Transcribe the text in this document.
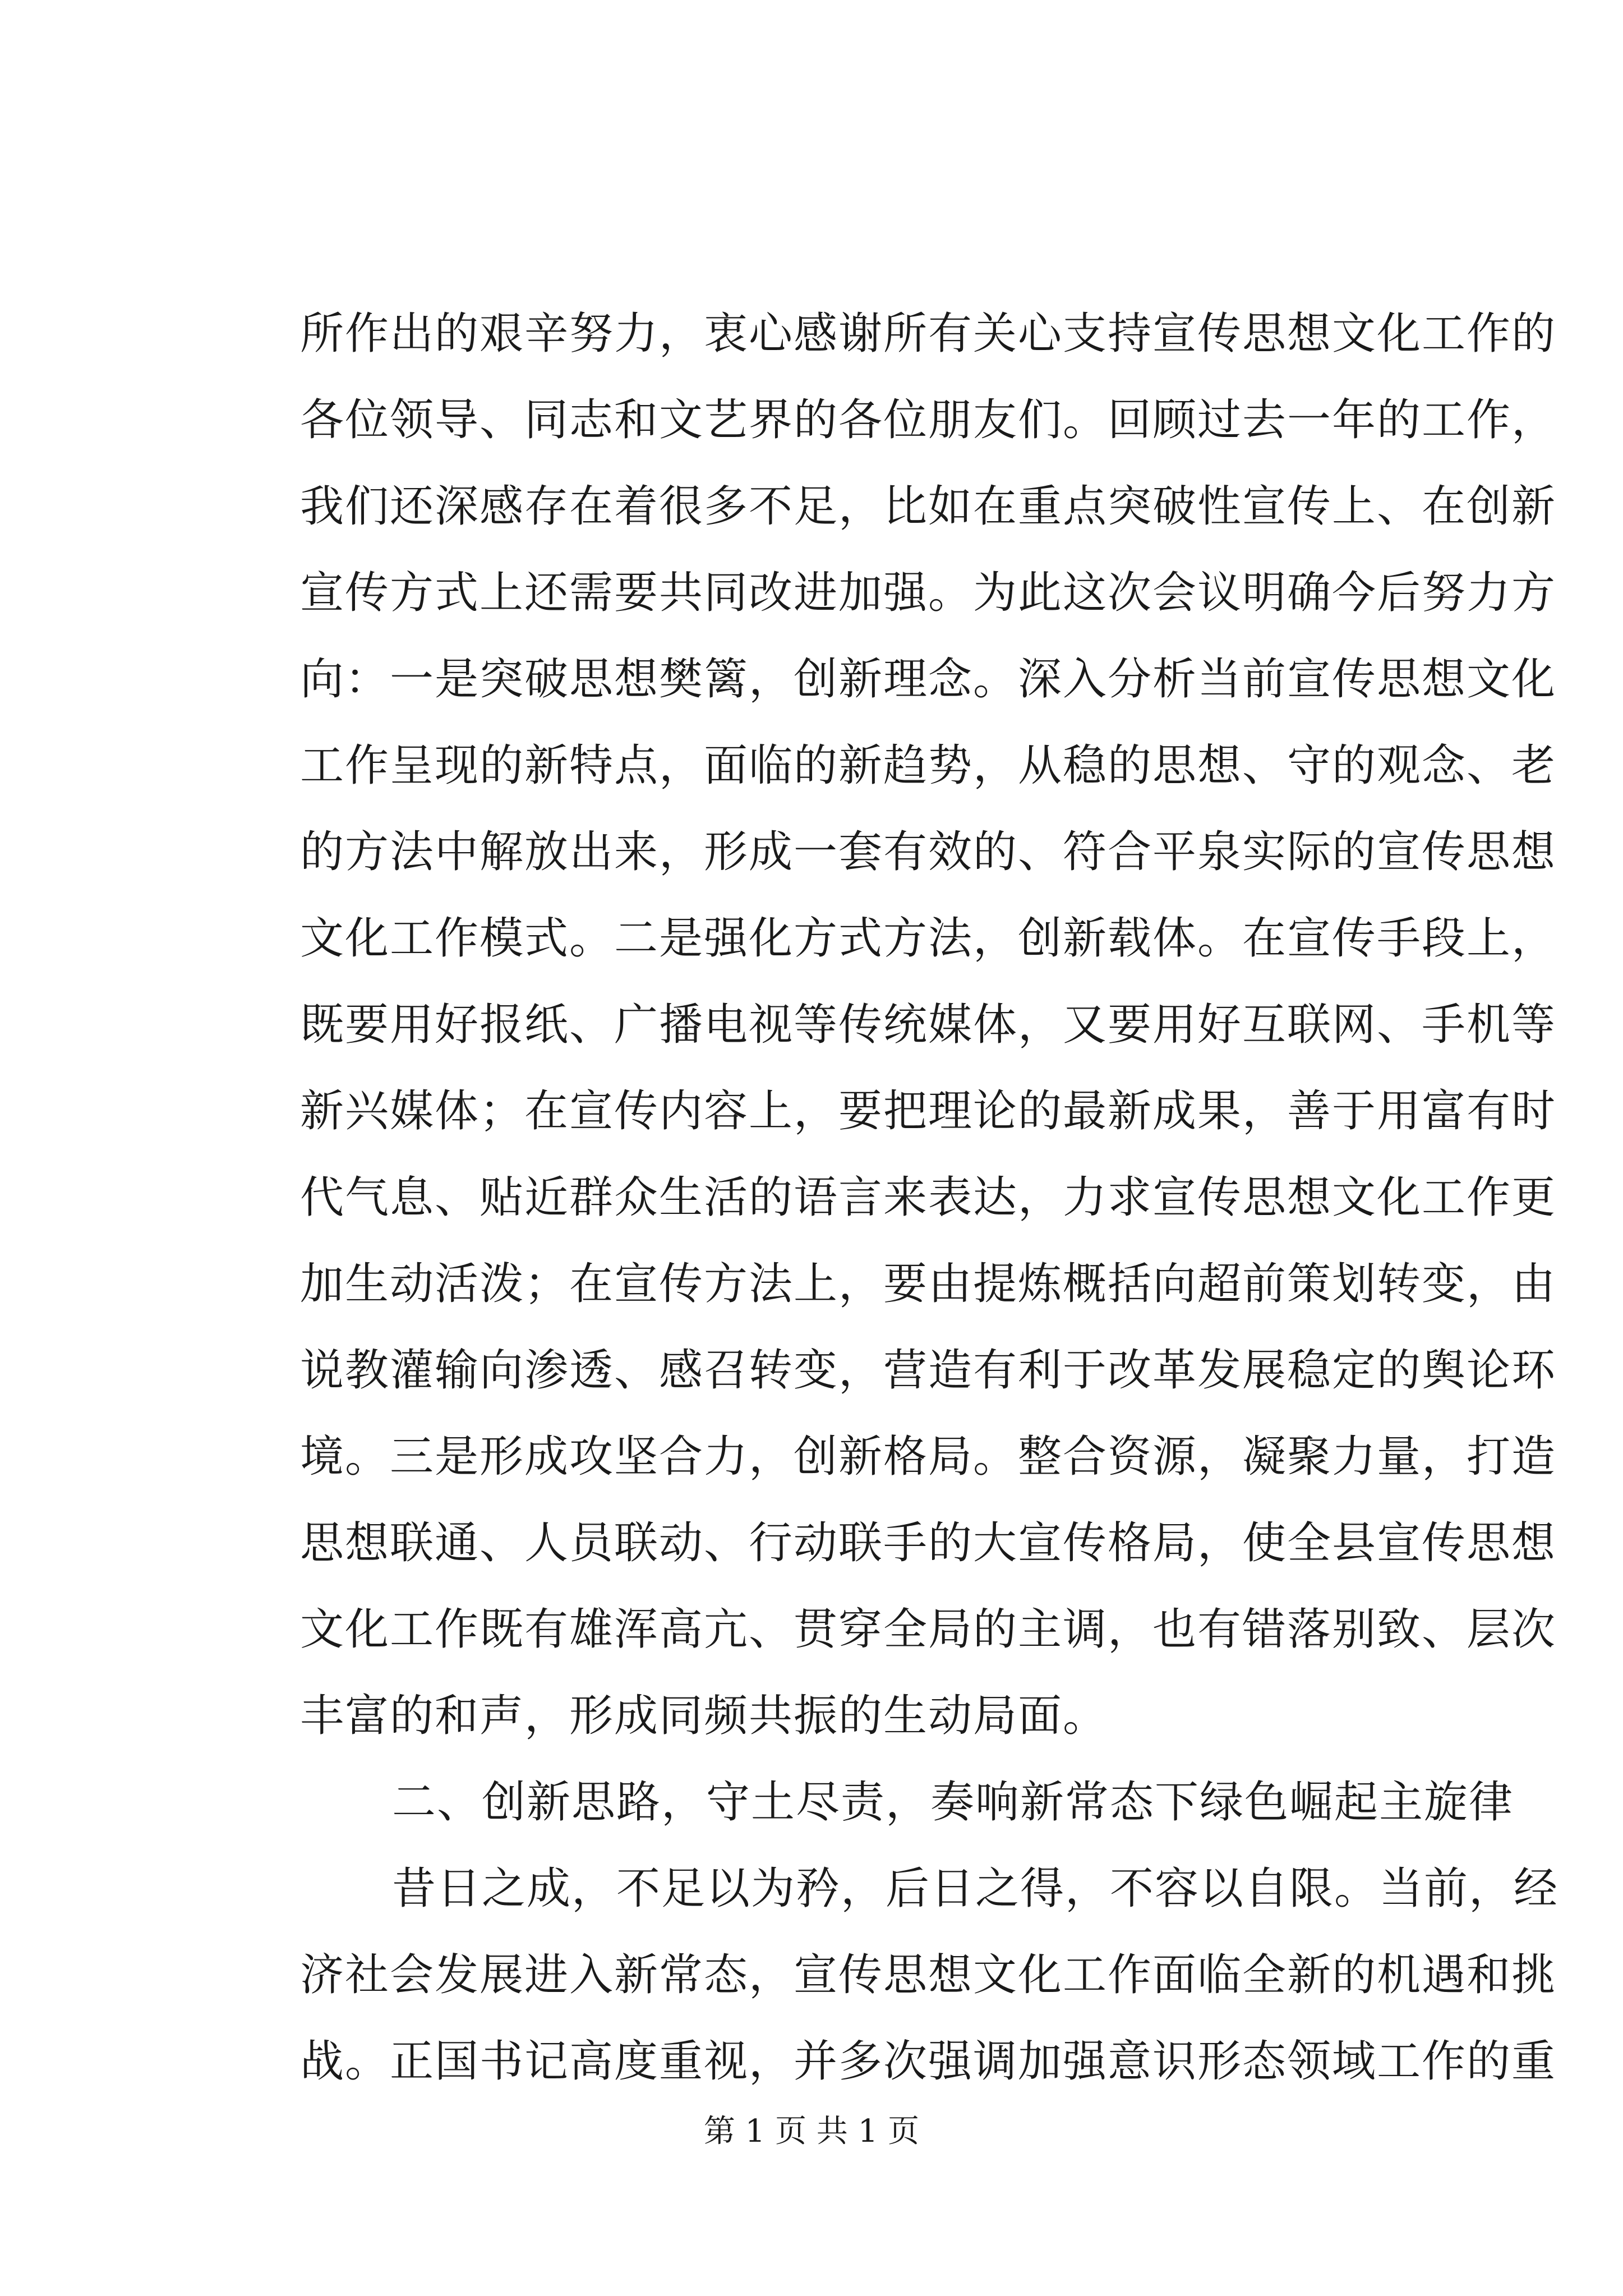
所作出的艰辛努力，衷心感谢所有关心支持宣传思想文化工作的
各位领导、同志和文艺界的各位朋友们。回顾过去一年的工作，
我们还深感存在着很多不足，比如在重点突破性宣传上、在创新
宣传方式上还需要共同改进加强。为此这次会议明确今后努力方
向：一是突破思想樊篱，创新理念。深入分析当前宣传思想文化
工作呈现的新特点，面临的新趋势，从稳的思想、守的观念、老
的方法中解放出来，形成一套有效的、符合平泉实际的宣传思想
文化工作模式。二是强化方式方法，创新载体。在宣传手段上，
既要用好报纸、广播电视等传统媒体，又要用好互联网、手机等
新兴媒体；在宣传内容上，要把理论的最新成果，善于用富有时
代气息、贴近群众生活的语言来表达，力求宣传思想文化工作更
加生动活泼；在宣传方法上，要由提炼概括向超前策划转变，由
说教灌输向渗透、感召转变，营造有利于改革发展稳定的舆论环
境。三是形成攻坚合力，创新格局。整合资源，凝聚力量，打造
思想联通、人员联动、行动联手的大宣传格局，使全县宣传思想
文化工作既有雄浑高亢、贯穿全局的主调，也有错落别致、层次
丰富的和声，形成同频共振的生动局面。
二、创新思路，守土尽责，奏响新常态下绿色崛起主旋律
昔日之成，不足以为矜，后日之得，不容以自限。当前，经
济社会发展进入新常态，宣传思想文化工作面临全新的机遇和挑
战。正国书记高度重视，并多次强调加强意识形态领域工作的重
第 1 页 共 1 页
